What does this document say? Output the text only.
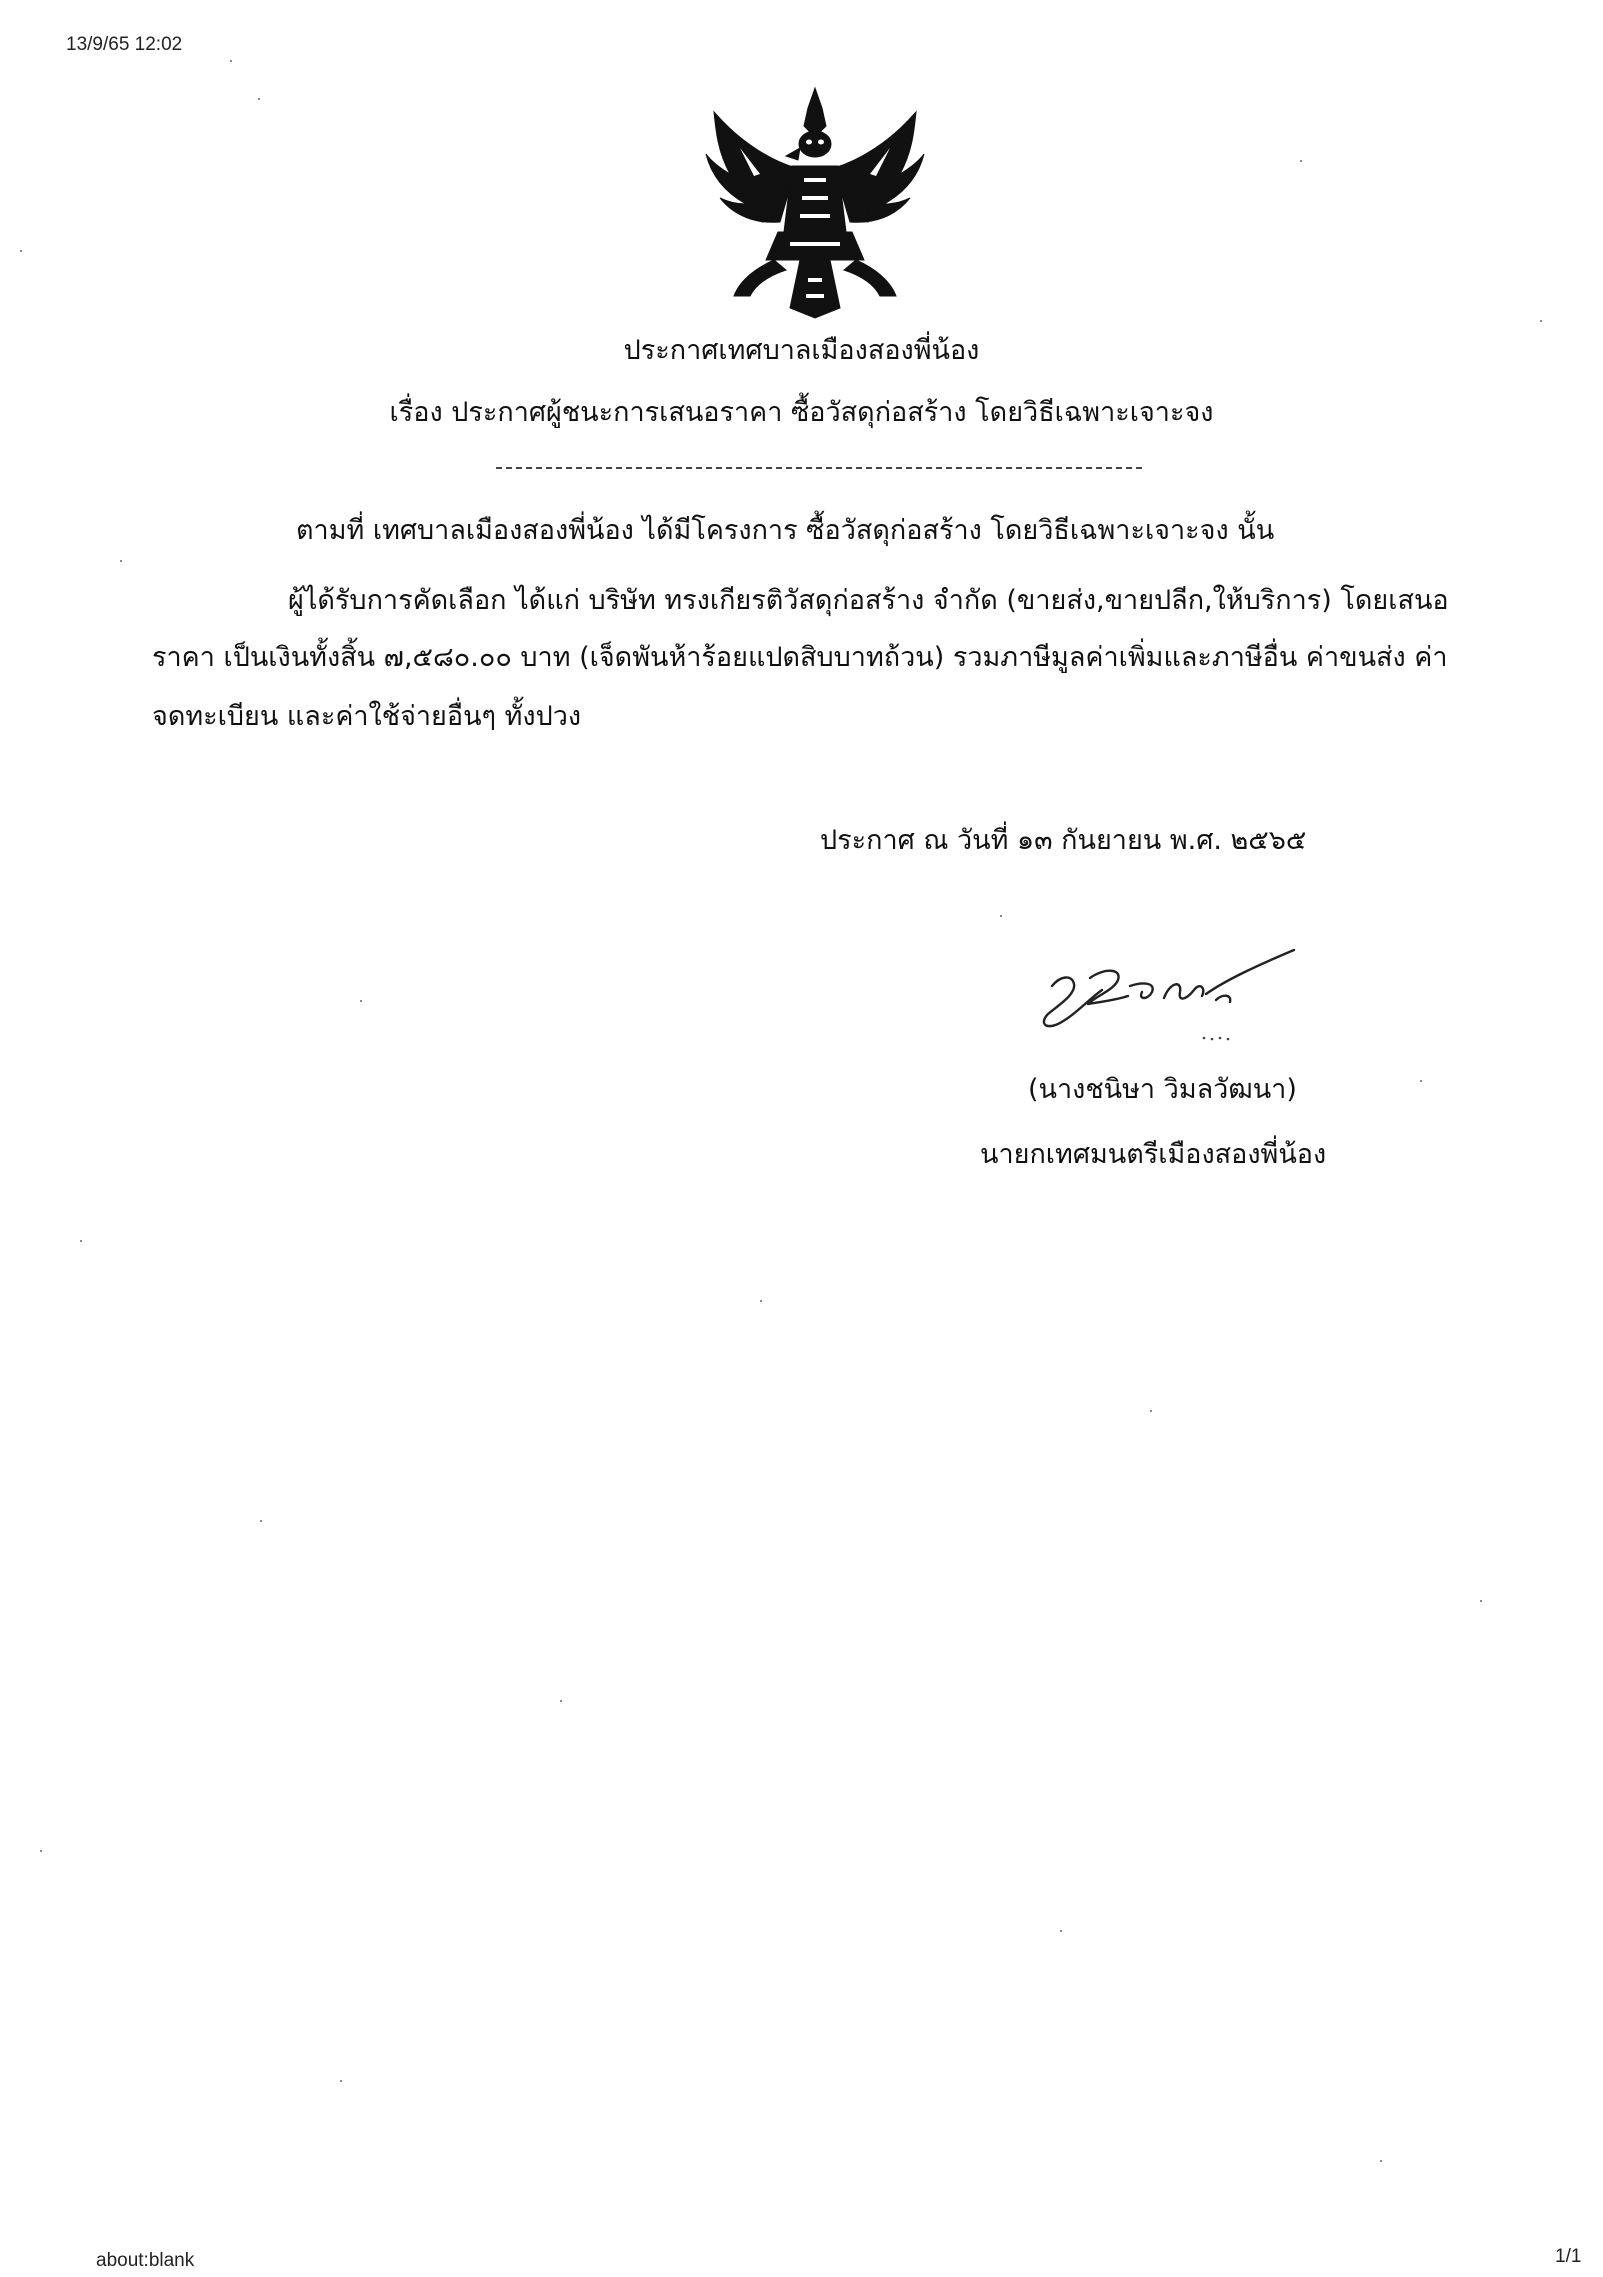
13/9/65 12:02
ประกาศเทศบาลเมืองสองพี่น้อง
เรื่อง ประกาศผู้ชนะการเสนอราคา ซื้อวัสดุก่อสร้าง โดยวิธีเฉพาะเจาะจง
ตามที่ เทศบาลเมืองสองพี่น้อง ได้มีโครงการ ซื้อวัสดุก่อสร้าง โดยวิธีเฉพาะเจาะจง นั้น
ผู้ได้รับการคัดเลือก ได้แก่ บริษัท ทรงเกียรติวัสดุก่อสร้าง จำกัด (ขายส่ง,ขายปลีก,ให้บริการ) โดยเสนอ
ราคา เป็นเงินทั้งสิ้น ๗,๕๘๐.๐๐ บาท (เจ็ดพันห้าร้อยแปดสิบบาทถ้วน) รวมภาษีมูลค่าเพิ่มและภาษีอื่น ค่าขนส่ง ค่า
จดทะเบียน และค่าใช้จ่ายอื่นๆ ทั้งปวง
ประกาศ ณ วันที่ ๑๓ กันยายน พ.ศ. ๒๕๖๕
(นางชนิษา วิมลวัฒนา)
นายกเทศมนตรีเมืองสองพี่น้อง
about:blank	1/1
